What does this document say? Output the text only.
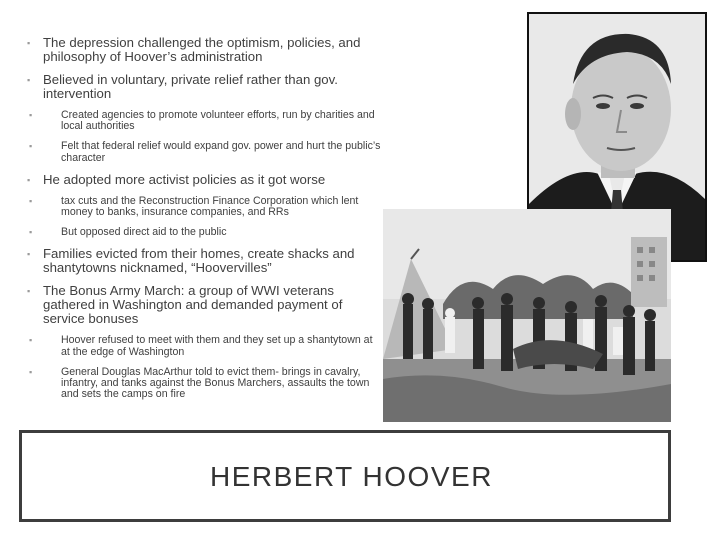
▪ The depression challenged the optimism, policies, and philosophy of Hoover’s administration
▪ Believed in voluntary, private relief rather than gov. intervention
▪	Created agencies to promote volunteer efforts, run by charities and local authorities
▪	Felt that federal relief would expand gov. power and hurt the public’s character
▪ He adopted more activist policies as it got worse
▪	tax cuts and the Reconstruction Finance Corporation which lent money to banks, insurance companies, and RRs
▪	But opposed direct aid to the public
▪ Families evicted from their homes, create shacks and shantytowns nicknamed, “Hoovervilles”
▪ The Bonus Army March: a group of WWI veterans gathered in Washington and demanded payment of service bonuses
▪	Hoover refused to meet with them and they set up a shantytown at at the edge of Washington
▪	General Douglas MacArthur told to evict them- brings in cavalry, infantry, and tanks against the Bonus Marchers, assaults the town and sets the camps on fire
HERBERT HOOVER
